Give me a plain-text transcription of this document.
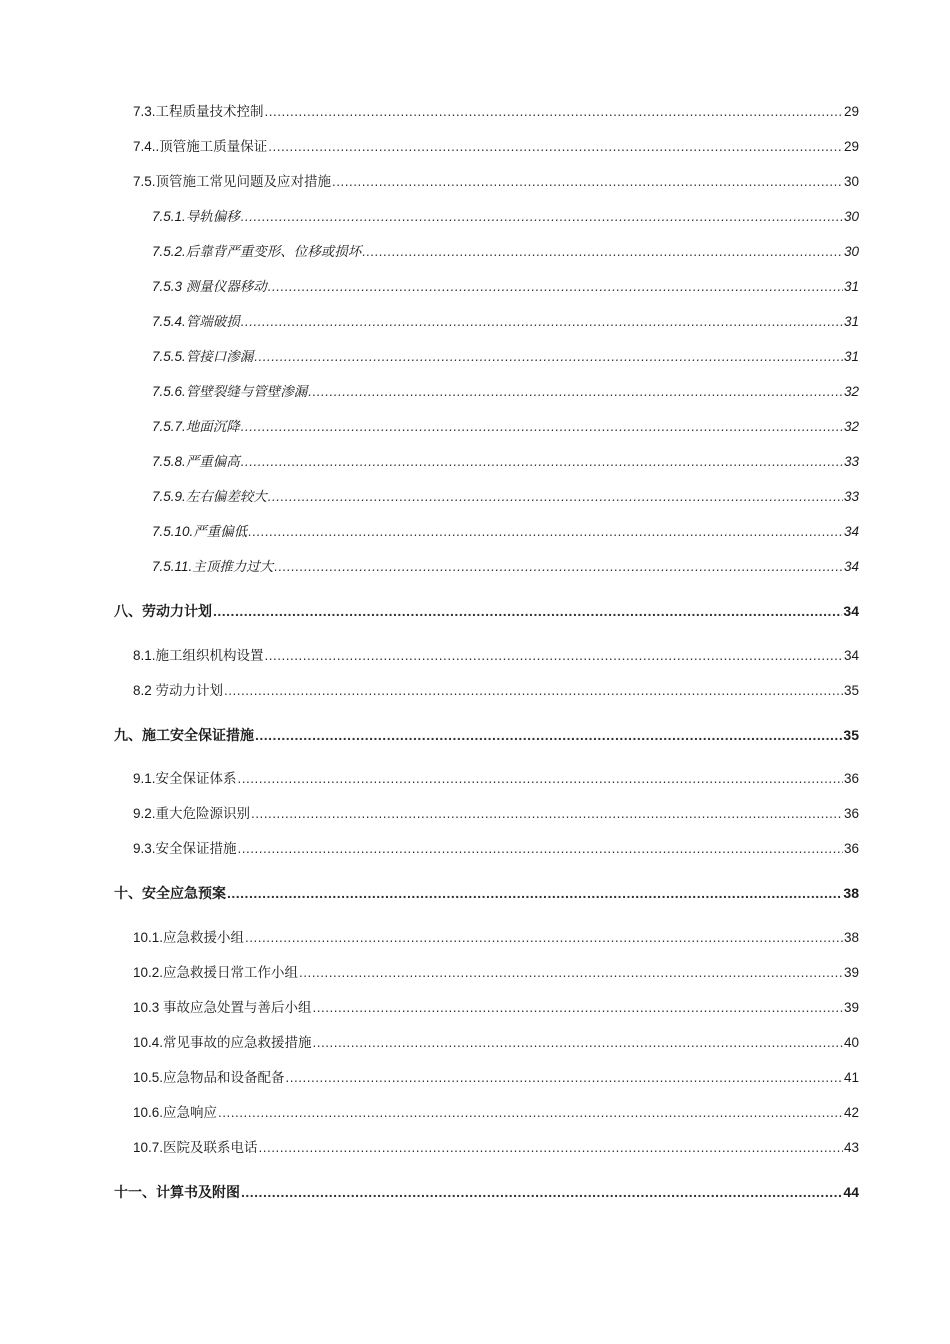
7.3.工程质量技术控制 .....	29
7.4..顶管施工质量保证 .....	29
7.5.顶管施工常见问题及应对措施 .....	30
7.5.1.导轨偏移 .....	30
7.5.2.后靠背严重变形、位移或损坏 .....	30
7.5.3 测量仪器移动 .....	31
7.5.4.管端破损 .....	31
7.5.5.管接口渗漏 .....	31
7.5.6.管壁裂缝与管壁渗漏 .....	32
7.5.7.地面沉降 .....	32
7.5.8.严重偏高 .....	33
7.5.9.左右偏差较大 .....	33
7.5.10.严重偏低 .....	34
7.5.11.主顶推力过大 .....	34
八、劳动力计划 .....	34
8.1.施工组织机构设置 .....	34
8.2 劳动力计划 .....	35
九、施工安全保证措施 .....	35
9.1.安全保证体系 .....	36
9.2.重大危险源识别 .....	36
9.3.安全保证措施 .....	36
十、安全应急预案 .....	38
10.1.应急救援小组 .....	38
10.2.应急救援日常工作小组 .....	39
10.3 事故应急处置与善后小组 .....	39
10.4.常见事故的应急救援措施 .....	40
10.5.应急物品和设备配备 .....	41
10.6.应急响应 .....	42
10.7.医院及联系电话 .....	43
十一、计算书及附图 .....	44
